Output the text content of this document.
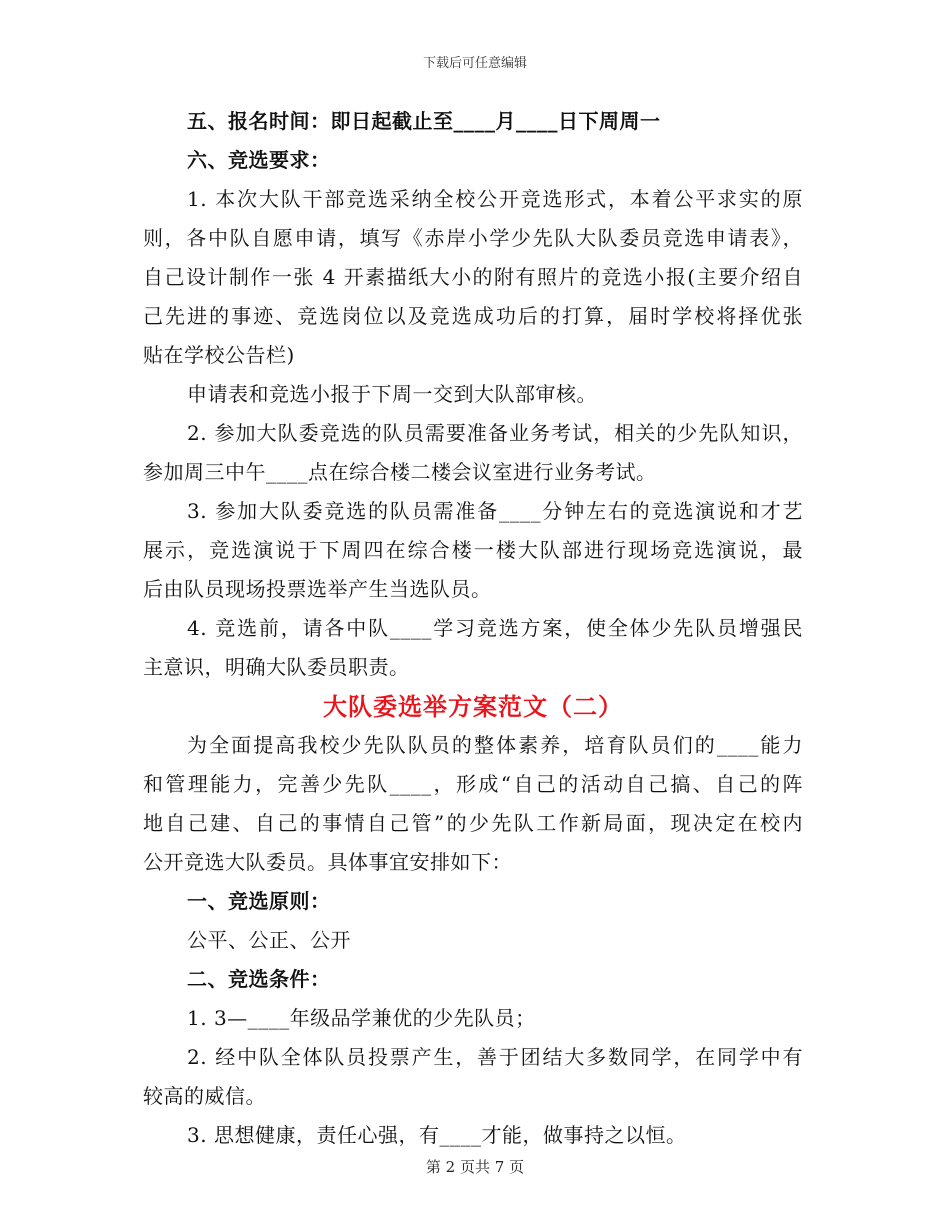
下载后可任意编辑
五、报名时间：即日起截止至____月____日下周周一
六、竞选要求：
1. 本次大队干部竞选采纳全校公开竞选形式，本着公平求实的原
则，各中队自愿申请，填写《赤岸小学少先队大队委员竞选申请表》，
自己设计制作一张 4 开素描纸大小的附有照片的竞选小报(主要介绍自
己先进的事迹、竞选岗位以及竞选成功后的打算，届时学校将择优张
贴在学校公告栏)
申请表和竞选小报于下周一交到大队部审核。
2. 参加大队委竞选的队员需要准备业务考试，相关的少先队知识，
参加周三中午____点在综合楼二楼会议室进行业务考试。
3. 参加大队委竞选的队员需准备____分钟左右的竞选演说和才艺
展示，竞选演说于下周四在综合楼一楼大队部进行现场竞选演说，最
后由队员现场投票选举产生当选队员。
4. 竞选前，请各中队____学习竞选方案，使全体少先队员增强民
主意识，明确大队委员职责。
大队委选举方案范文（二）
为全面提高我校少先队队员的整体素养，培育队员们的____能力
和管理能力，完善少先队____，形成“自己的活动自己搞、自己的阵
地自己建、自己的事情自己管”的少先队工作新局面，现决定在校内
公开竞选大队委员。具体事宜安排如下：
一、竞选原则：
公平、公正、公开
二、竞选条件：
1. 3—____年级品学兼优的少先队员；
2. 经中队全体队员投票产生，善于团结大多数同学，在同学中有
较高的威信。
3. 思想健康，责任心强，有____才能，做事持之以恒。
第 2 页共 7 页
